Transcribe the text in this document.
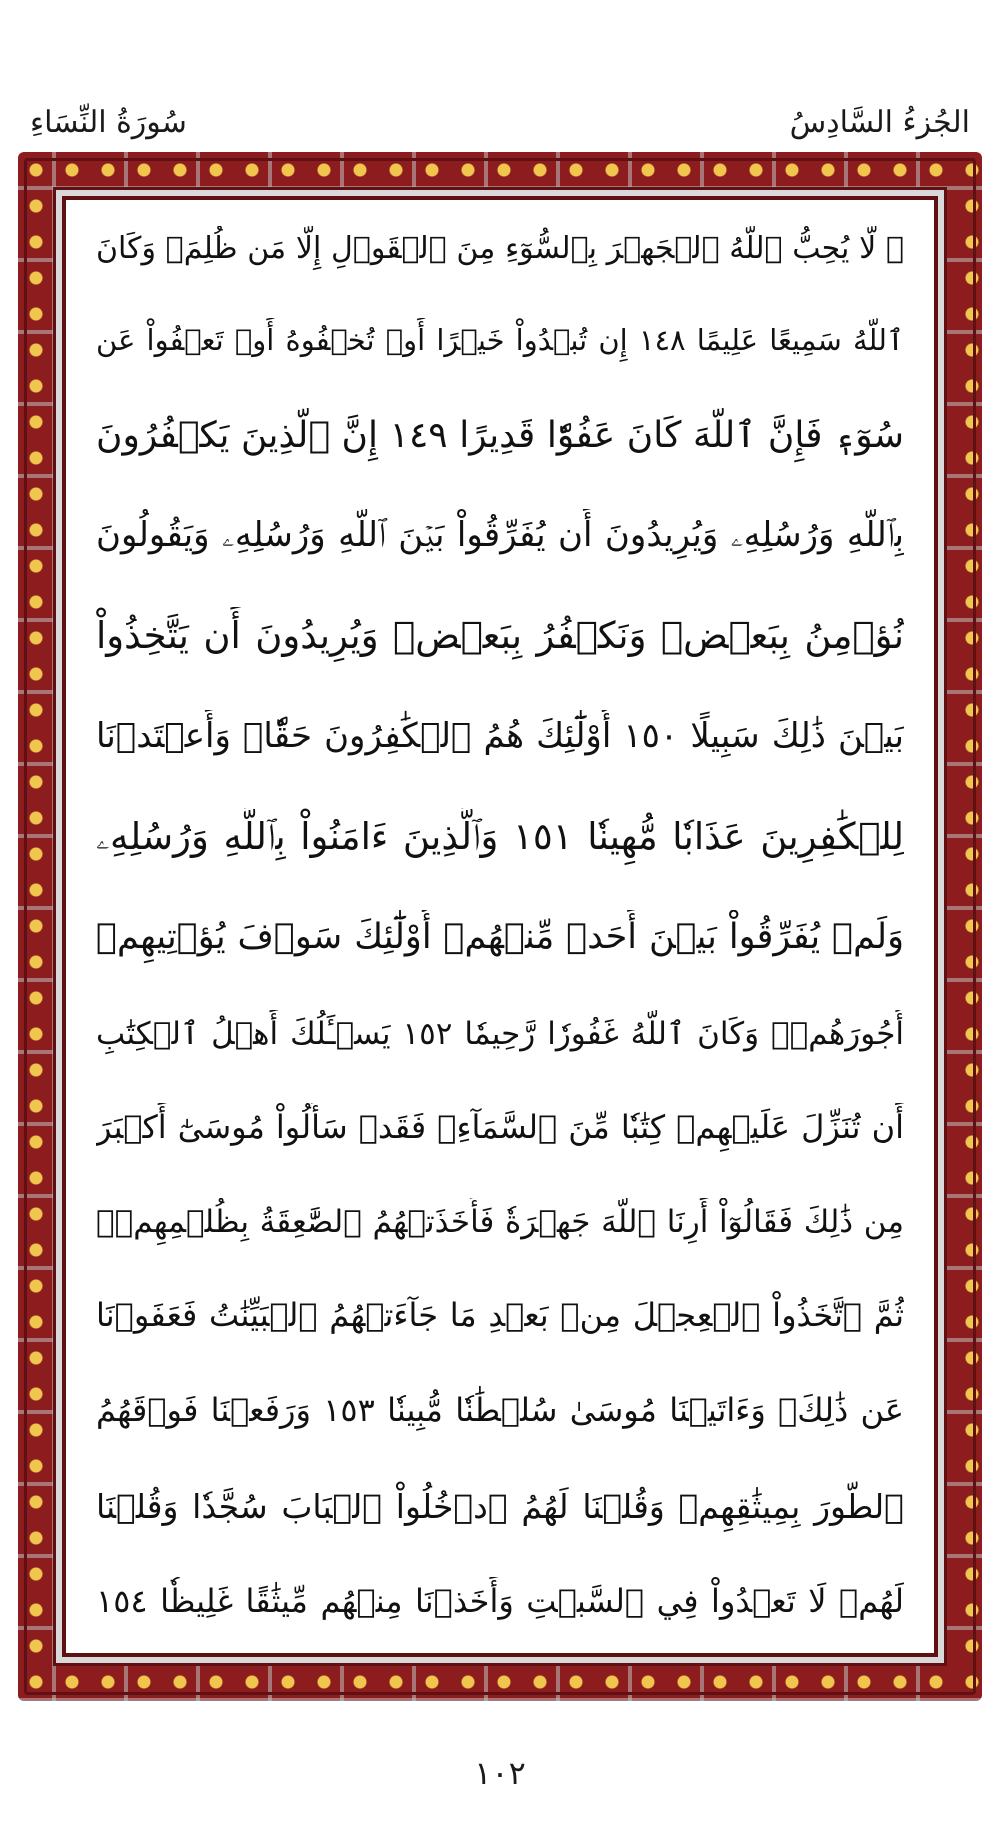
الجُزءُ السَّادِسُ
سُورَةُ النِّسَاءِ
۞ لَّا يُحِبُّ ٱللَّهُ ٱلۡجَهۡرَ بِٱلسُّوٓءِ مِنَ ٱلۡقَوۡلِ إِلَّا مَن ظُلِمَۚ وَكَانَ
ٱللَّهُ سَمِيعًا عَلِيمًا ١٤٨ إِن تُبۡدُواْ خَيۡرًا أَوۡ تُخۡفُوهُ أَوۡ تَعۡفُواْ عَن
سُوٓءٖ فَإِنَّ ٱللَّهَ كَانَ عَفُوّٗا قَدِيرًا ١٤٩ إِنَّ ٱلَّذِينَ يَكۡفُرُونَ
بِٱللَّهِ وَرُسُلِهِۦ وَيُرِيدُونَ أَن يُفَرِّقُواْ بَيۡنَ ٱللَّهِ وَرُسُلِهِۦ وَيَقُولُونَ
نُؤۡمِنُ بِبَعۡضٖ وَنَكۡفُرُ بِبَعۡضٖ وَيُرِيدُونَ أَن يَتَّخِذُواْ
بَيۡنَ ذَٰلِكَ سَبِيلًا ١٥٠ أُوْلَٰٓئِكَ هُمُ ٱلۡكَٰفِرُونَ حَقّٗاۚ وَأَعۡتَدۡنَا
لِلۡكَٰفِرِينَ عَذَابٗا مُّهِينٗا ١٥١ وَٱلَّذِينَ ءَامَنُواْ بِٱللَّهِ وَرُسُلِهِۦ
وَلَمۡ يُفَرِّقُواْ بَيۡنَ أَحَدٖ مِّنۡهُمۡ أُوْلَٰٓئِكَ سَوۡفَ يُؤۡتِيهِمۡ
أُجُورَهُمۡۚ وَكَانَ ٱللَّهُ غَفُورٗا رَّحِيمٗا ١٥٢ يَسۡـَٔلُكَ أَهۡلُ ٱلۡكِتَٰبِ
أَن تُنَزِّلَ عَلَيۡهِمۡ كِتَٰبٗا مِّنَ ٱلسَّمَآءِۚ فَقَدۡ سَأَلُواْ مُوسَىٰٓ أَكۡبَرَ
مِن ذَٰلِكَ فَقَالُوٓاْ أَرِنَا ٱللَّهَ جَهۡرَةٗ فَأَخَذَتۡهُمُ ٱلصَّٰعِقَةُ بِظُلۡمِهِمۡۚ
ثُمَّ ٱتَّخَذُواْ ٱلۡعِجۡلَ مِنۢ بَعۡدِ مَا جَآءَتۡهُمُ ٱلۡبَيِّنَٰتُ فَعَفَوۡنَا
عَن ذَٰلِكَۚ وَءَاتَيۡنَا مُوسَىٰ سُلۡطَٰنٗا مُّبِينٗا ١٥٣ وَرَفَعۡنَا فَوۡقَهُمُ
ٱلطُّورَ بِمِيثَٰقِهِمۡ وَقُلۡنَا لَهُمُ ٱدۡخُلُواْ ٱلۡبَابَ سُجَّدٗا وَقُلۡنَا
لَهُمۡ لَا تَعۡدُواْ فِي ٱلسَّبۡتِ وَأَخَذۡنَا مِنۡهُم مِّيثَٰقًا غَلِيظٗا ١٥٤
١٠٢
